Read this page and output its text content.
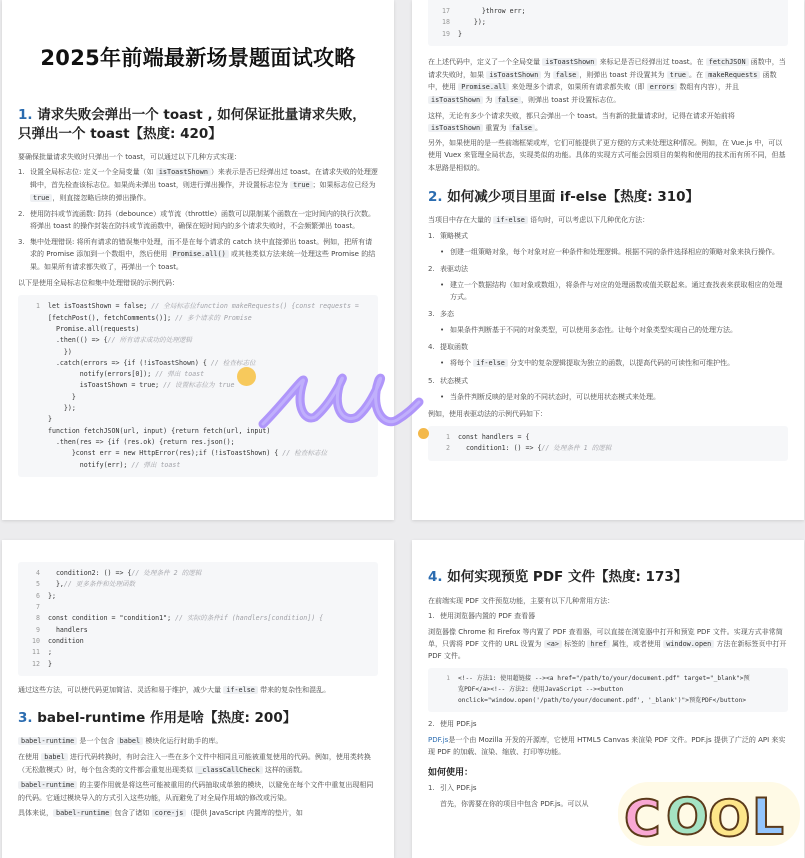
2025年前端最新场景题面试攻略
1. 请求失败会弹出一个 toast , 如何保证批量请求失败， 只弹出一个 toast【热度: 420】

要确保批量请求失败时只弹出一个 toast，可以通过以下几种方式实现：

1. 设置全局标志位: 定义一个全局变量（如 isToastShown ）来表示是否已经弹出过 toast。在请求失败的处理逻辑中，首先检查该标志位。如果尚未弹出 toast，则进行弹出操作，并设置标志位为 true ；如果标志位已经为 true ，则直接忽略后续的弹出操作。
2. 使用防抖或节流函数: 防抖（debounce）或节流（throttle）函数可以限制某个函数在一定时间内的执行次数。将弹出 toast 的操作封装在防抖或节流函数中，确保在短时间内的多个请求失败时，不会频繁弹出 toast。
3. 集中处理错误: 将所有请求的错误集中处理，而不是在每个请求的 catch 块中直接弹出 toast。例如，把所有请求的 Promise 添加到一个数组中，然后使用 Promise.all() 或其他类似方法来统一处理这些 Promise 的结果。如果所有请求都失败了，再弹出一个 toast。

以下是使用全局标志位和集中处理错误的示例代码：

1 let isToastShown = false; // 全局标志位function makeRequests() {const requests =
[fetchPost(), fetchComments()]; // 多个请求的 Promise
Promise.all(requests)
.then(() => {// 所有请求成功的处理逻辑
})
.catch(errors => {if (!isToastShown) { // 检查标志位
notify(errors[0]); // 弹出 toast
isToastShown = true; // 设置标志位为 true
}
});
}
function fetchJSON(url, input) {return fetch(url, input)
.then(res => {if (res.ok) {return res.json();
}const err = new HttpError(res);if (!isToastShown) { // 检查标志位
notify(err); // 弹出 toast
17 }throw err;
18 });
19 }

在上述代码中，定义了一个全局变量 isToastShown 来标记是否已经弹出过 toast。在 fetchJSON 函数中，当请求失败时，如果 isToastShown 为 false ，则弹出 toast 并设置其为 true 。在 makeRequests 函数中，使用 Promise.all 来处理多个请求，如果所有请求都失败（即 errors 数组有内容），并且 isToastShown 为 false ，则弹出 toast 并设置标志位。

这样，无论有多少个请求失败，都只会弹出一个 toast。当有新的批量请求时，记得在请求开始前将 isToastShown 重置为 false 。

另外，如果使用的是一些前端框架或库，它们可能提供了更方便的方式来处理这种情况。例如，在 Vue.js 中，可以使用 Vuex 来管理全局状态，实现类似的功能。具体的实现方式可能会因项目的架构和使用的技术而有所不同，但基本思路是相似的。

2. 如何减少项目里面 if-else【热度: 310】

当项目中存在大量的 if-else 语句时，可以考虑以下几种优化方法：

1. 策略模式
• 创建一组策略对象，每个对象对应一种条件和处理逻辑。根据不同的条件选择相应的策略对象来执行操作。
2. 表驱动法
• 建立一个数据结构（如对象或数组），将条件与对应的处理函数或值关联起来。通过查找表来获取相应的处理方式。
3. 多态
• 如果条件判断基于不同的对象类型，可以使用多态性。让每个对象类型实现自己的处理方法。
4. 提取函数
• 将每个 if-else 分支中的复杂逻辑提取为独立的函数，以提高代码的可读性和可维护性。
5. 状态模式
• 当条件判断反映的是对象的不同状态时，可以使用状态模式来处理。

例如，使用表驱动法的示例代码如下：

1 const handlers = {
2 condition1: () => {// 处理条件 1 的逻辑
4 condition2: () => {// 处理条件 2 的逻辑
5 },// 更多条件和处理函数
6 };
7
8 const condition = "condition1"; // 实际的条件if (handlers[condition]) {
9 handlers
10 condition
11 ;
12 }

通过这些方法，可以使代码更加简洁、灵活和易于维护，减少大量 if-else 带来的复杂性和混乱。

3. babel-runtime 作用是啥【热度: 200】

babel-runtime 是一个包含 babel 模块化运行时助手的库。

在使用 babel 进行代码转换时，有时会注入一些在多个文件中相同且可能被重复使用的代码。例如，使用类转换（无松散模式）时，每个包含类的文件都会重复出现类似 _classCallCheck 这样的函数。

babel-runtime 的主要作用就是将这些可能被重用的代码抽取成单独的模块，以避免在每个文件中重复出现相同的代码。它通过模块导入的方式引入这些功能，从而避免了对全局作用域的修改或污染。

具体来说， babel-runtime 包含了诸如 core-js （提供 JavaScript 内置库的垫片，如

4. 如何实现预览 PDF 文件【热度: 173】

在前端实现 PDF 文件预览功能，主要有以下几种常用方法：

1. 使用浏览器内置的 PDF 查看器

浏览器像 Chrome 和 Firefox 等内置了 PDF 查看器，可以直接在浏览器中打开和预览 PDF 文件。实现方式非常简单，只需将 PDF 文件的 URL 设置为 <a> 标签的 href 属性，或者使用 window.open 方法在新标签页中打开 PDF 文件。

1 <!-- 方法1: 使用超链接 --><a href="/path/to/your/document.pdf" target="_blank">预
览PDF</a><!-- 方法2: 使用JavaScript --><button
onclick="window.open('/path/to/your/document.pdf', '_blank')">预览PDF</button>
2. 使用 PDF.js

PDF.js是一个由 Mozilla 开发的开源库，它使用 HTML5 Canvas 来渲染 PDF 文件。PDF.js 提供了广泛的 API 来实现 PDF 的加载、渲染、缩放、打印等功能。

如何使用：
1. 引入 PDF.js

首先，你需要在你的项目中包含 PDF.js。可以从 C O O L
COOL
